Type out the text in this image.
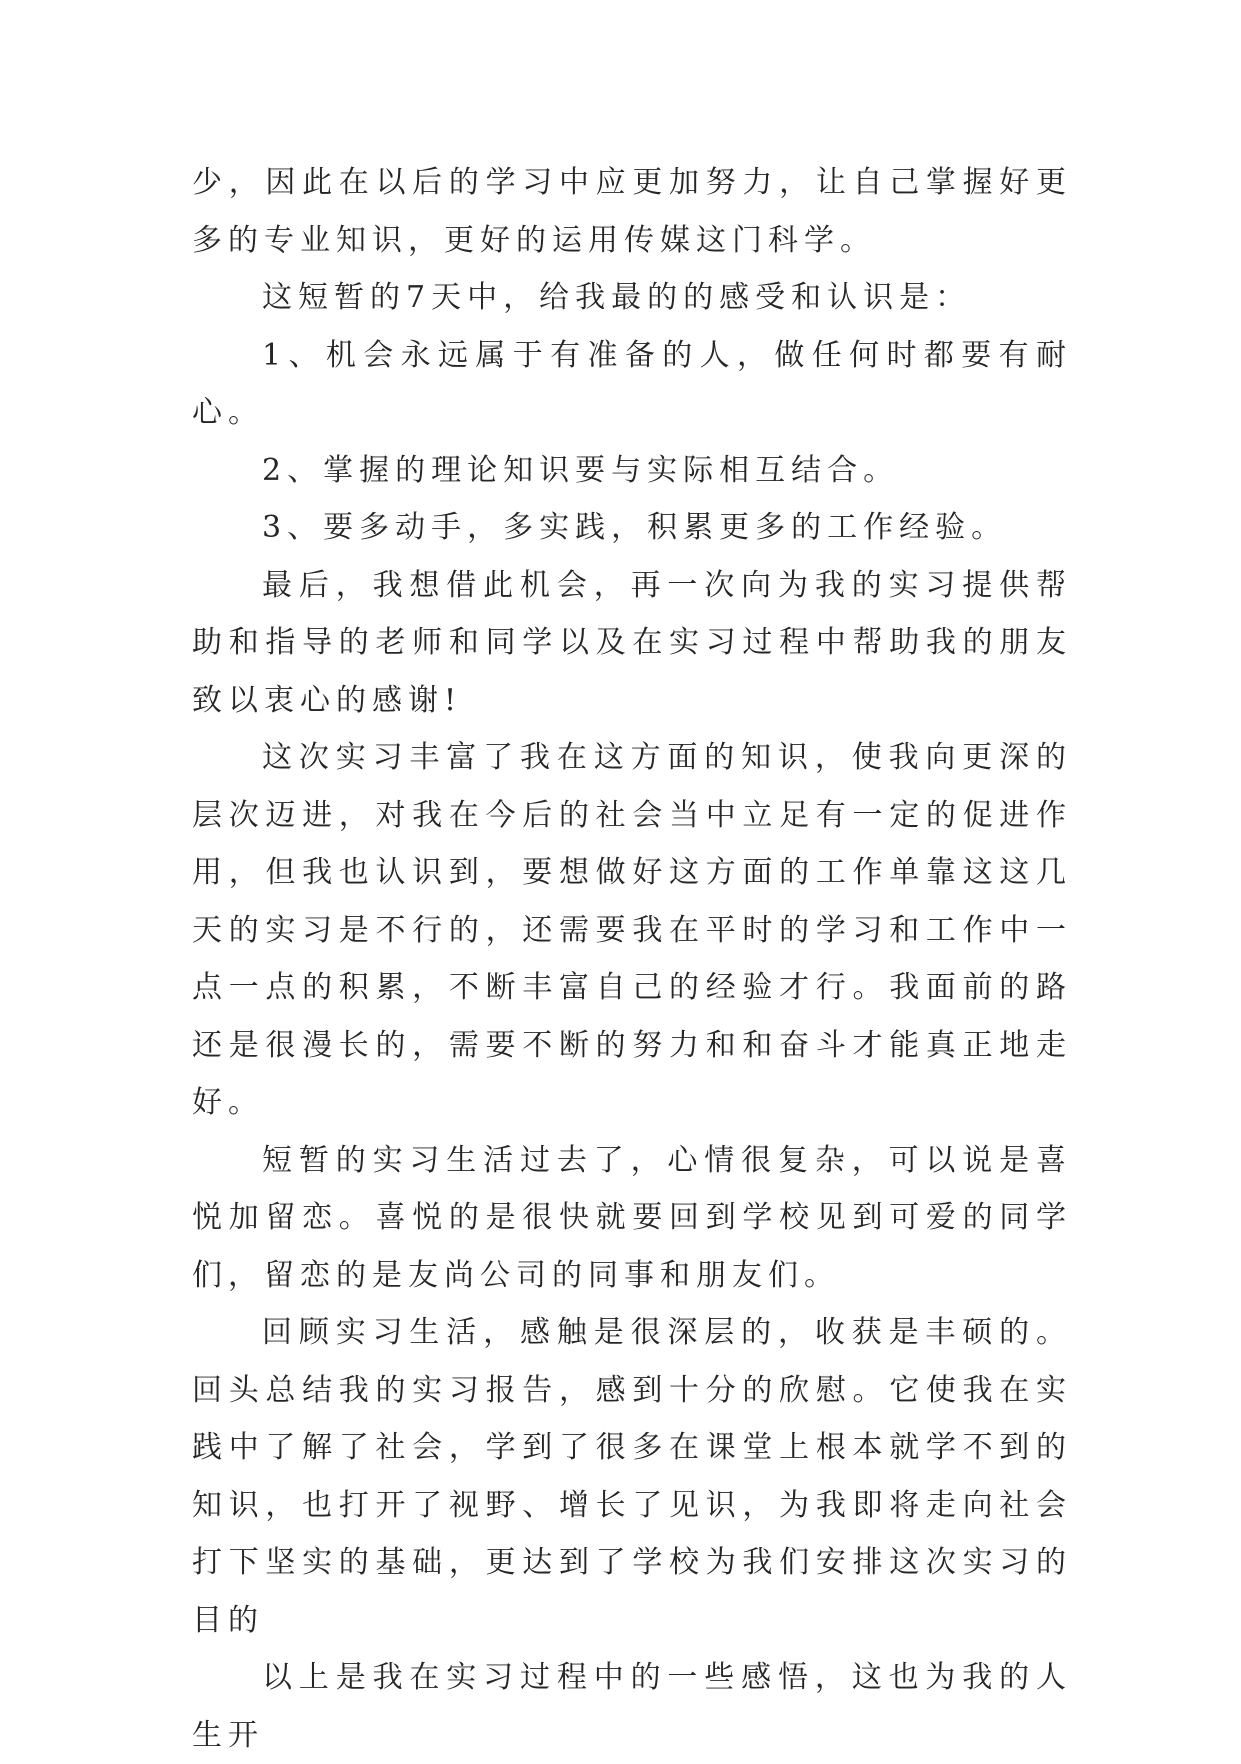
少，因此在以后的学习中应更加努力，让自己掌握好更多的专业知识，更好的运用传媒这门科学。

这短暂的7天中，给我最的的感受和认识是：

1、机会永远属于有准备的人，做任何时都要有耐心。

2、掌握的理论知识要与实际相互结合。

3、要多动手，多实践，积累更多的工作经验。

最后，我想借此机会，再一次向为我的实习提供帮助和指导的老师和同学以及在实习过程中帮助我的朋友致以衷心的感谢!

这次实习丰富了我在这方面的知识，使我向更深的层次迈进，对我在今后的社会当中立足有一定的促进作用，但我也认识到，要想做好这方面的工作单靠这这几天的实习是不行的，还需要我在平时的学习和工作中一点一点的积累，不断丰富自己的经验才行。我面前的路还是很漫长的，需要不断的努力和和奋斗才能真正地走好。

短暂的实习生活过去了，心情很复杂，可以说是喜悦加留恋。喜悦的是很快就要回到学校见到可爱的同学们，留恋的是友尚公司的同事和朋友们。

回顾实习生活，感触是很深层的，收获是丰硕的。回头总结我的实习报告，感到十分的欣慰。它使我在实践中了解了社会，学到了很多在课堂上根本就学不到的知识，也打开了视野、增长了见识，为我即将走向社会打下坚实的基础，更达到了学校为我们安排这次实习的目的

以上是我在实习过程中的一些感悟，这也为我的人生开
